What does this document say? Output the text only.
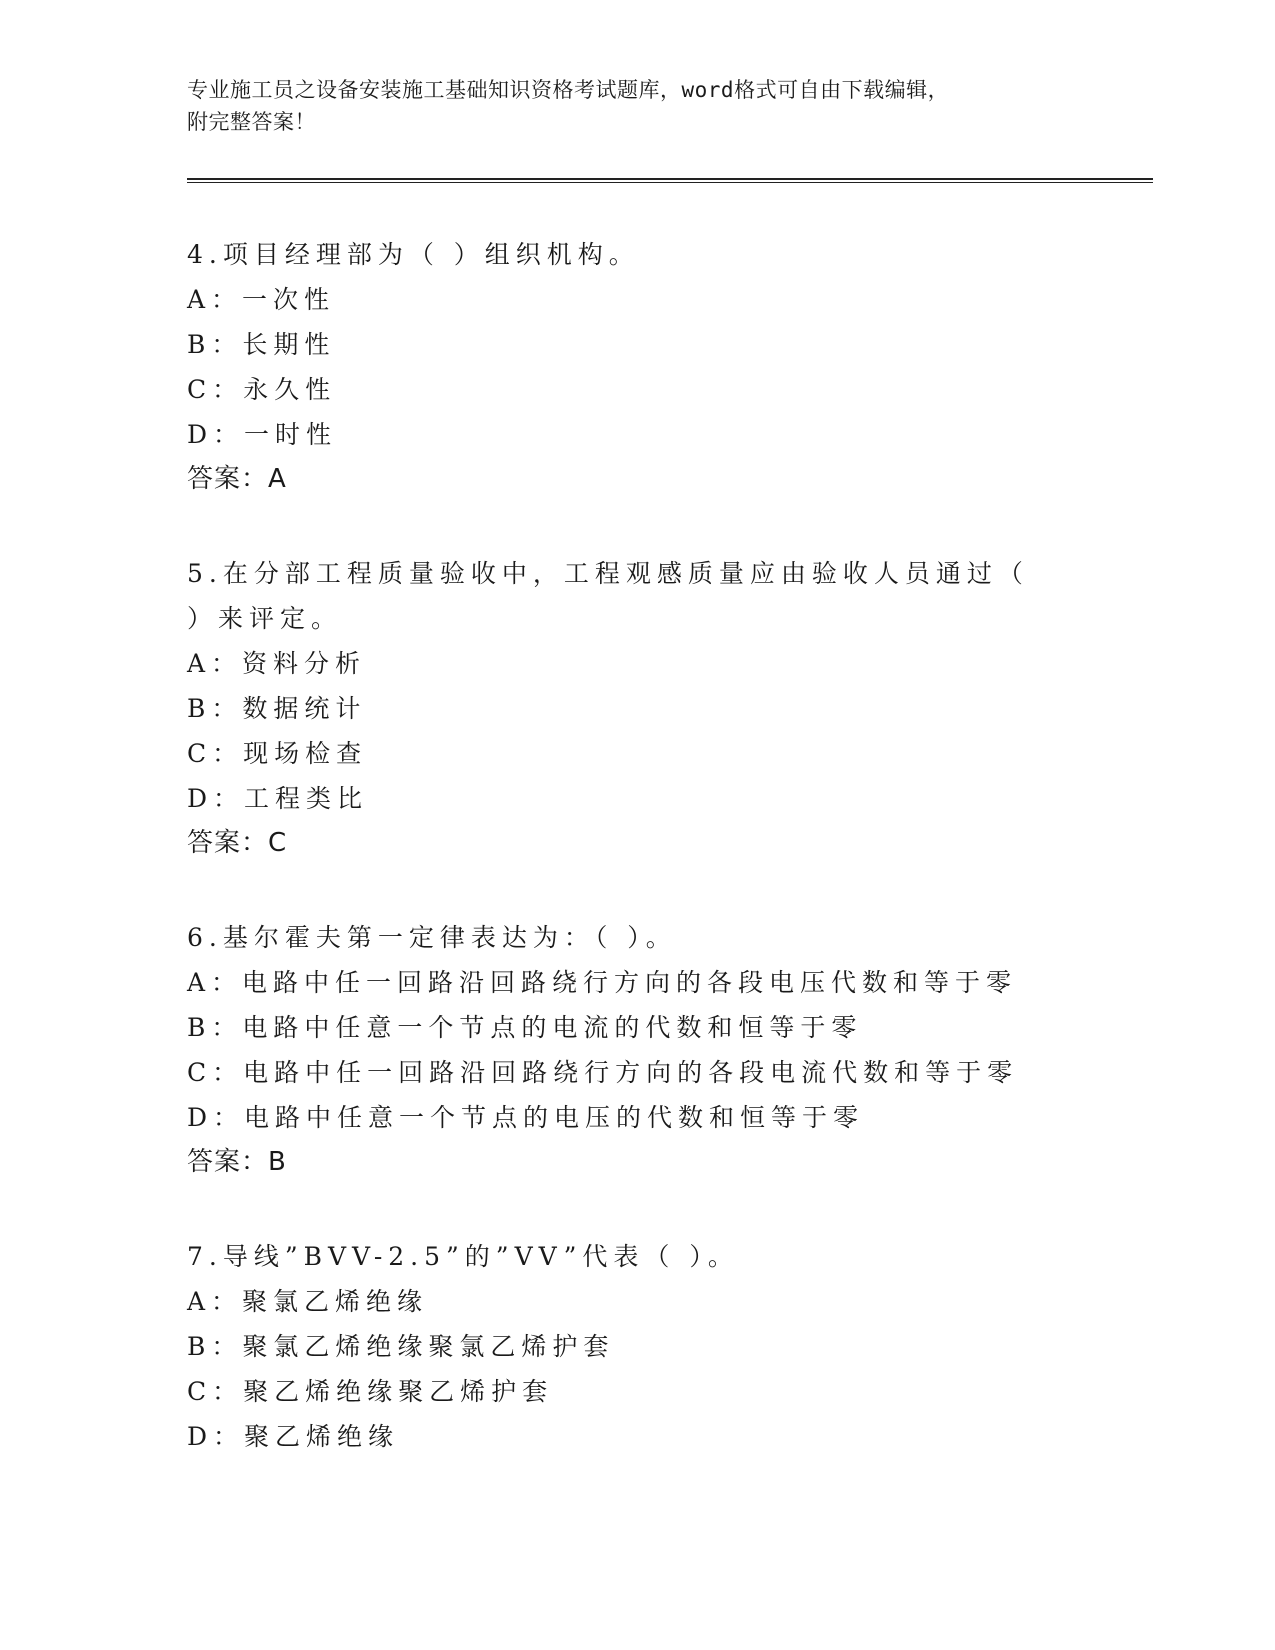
专业施工员之设备安装施工基础知识资格考试题库，word格式可自由下载编辑，
附完整答案！
4.项目经理部为（ ）组织机构。
A：一次性
B：长期性
C：永久性
D：一时性
答案：A
5.在分部工程质量验收中，工程观感质量应由验收人员通过（ ）来评定。
A：资料分析
B：数据统计
C：现场检查
D：工程类比
答案：C
6.基尔霍夫第一定律表达为：（ ）。
A：电路中任一回路沿回路绕行方向的各段电压代数和等于零
B：电路中任意一个节点的电流的代数和恒等于零
C：电路中任一回路沿回路绕行方向的各段电流代数和等于零
D：电路中任意一个节点的电压的代数和恒等于零
答案：B
7.导线”BVV-2.5”的”VV”代表（ ）。
A：聚氯乙烯绝缘
B：聚氯乙烯绝缘聚氯乙烯护套
C：聚乙烯绝缘聚乙烯护套
D：聚乙烯绝缘
